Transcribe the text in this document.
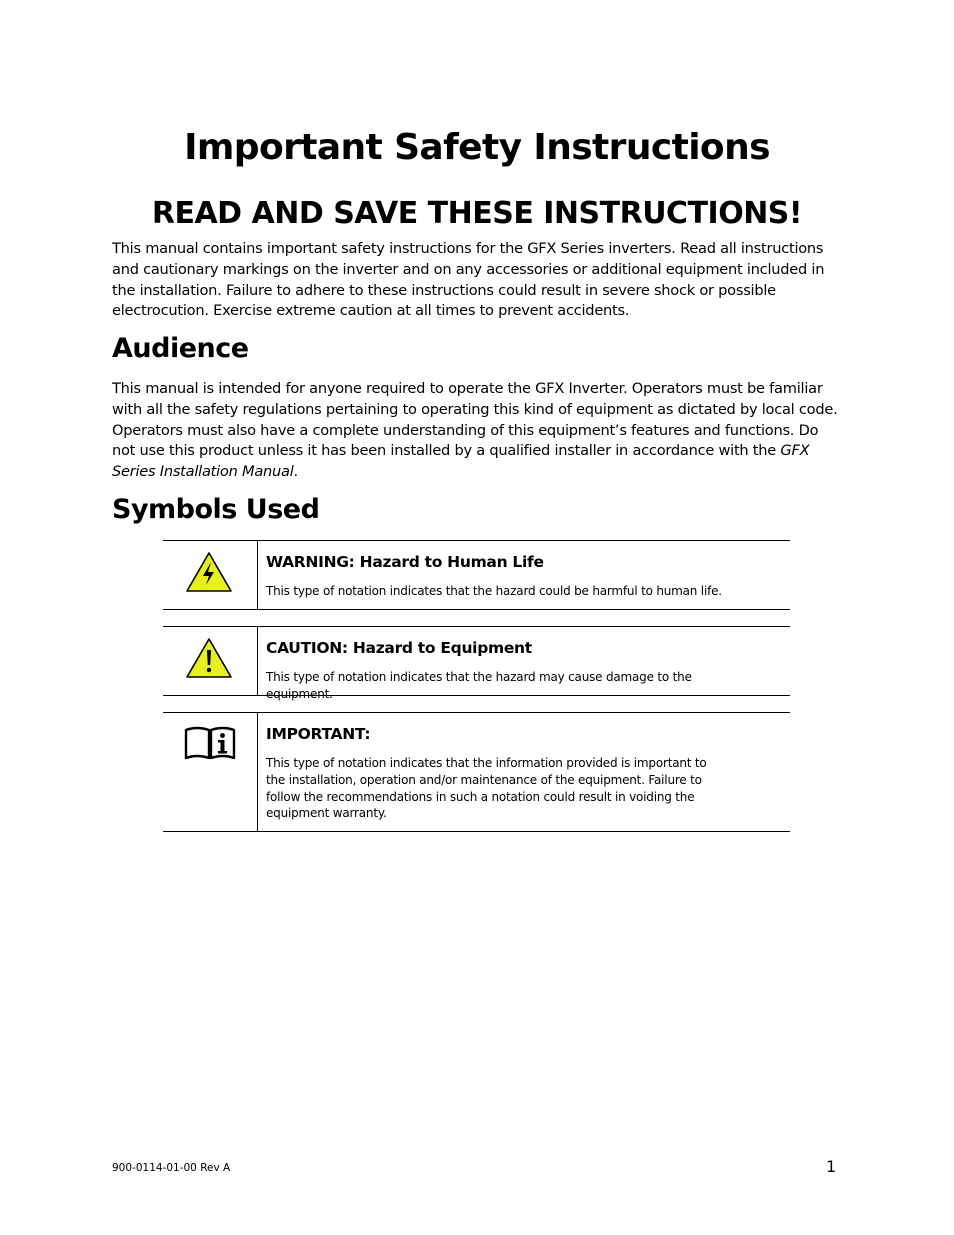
Important Safety Instructions
READ AND SAVE THESE INSTRUCTIONS!

This manual contains important safety instructions for the GFX Series inverters. Read all instructions
and cautionary markings on the inverter and on any accessories or additional equipment included in
the installation. Failure to adhere to these instructions could result in severe shock or possible
electrocution. Exercise extreme caution at all times to prevent accidents.

Audience

This manual is intended for anyone required to operate the GFX Inverter. Operators must be familiar
with all the safety regulations pertaining to operating this kind of equipment as dictated by local code.
Operators must also have a complete understanding of this equipment’s features and functions. Do
not use this product unless it has been installed by a qualified installer in accordance with the GFX
Series Installation Manual.

Symbols Used
WARNING: Hazard to Human Life
This type of notation indicates that the hazard could be harmful to human life.
CAUTION: Hazard to Equipment
This type of notation indicates that the hazard may cause damage to the equipment.
IMPORTANT:
This type of notation indicates that the information provided is important to
the installation, operation and/or maintenance of the equipment. Failure to
follow the recommendations in such a notation could result in voiding the
equipment warranty.
900-0114-01-00 Rev A	1
